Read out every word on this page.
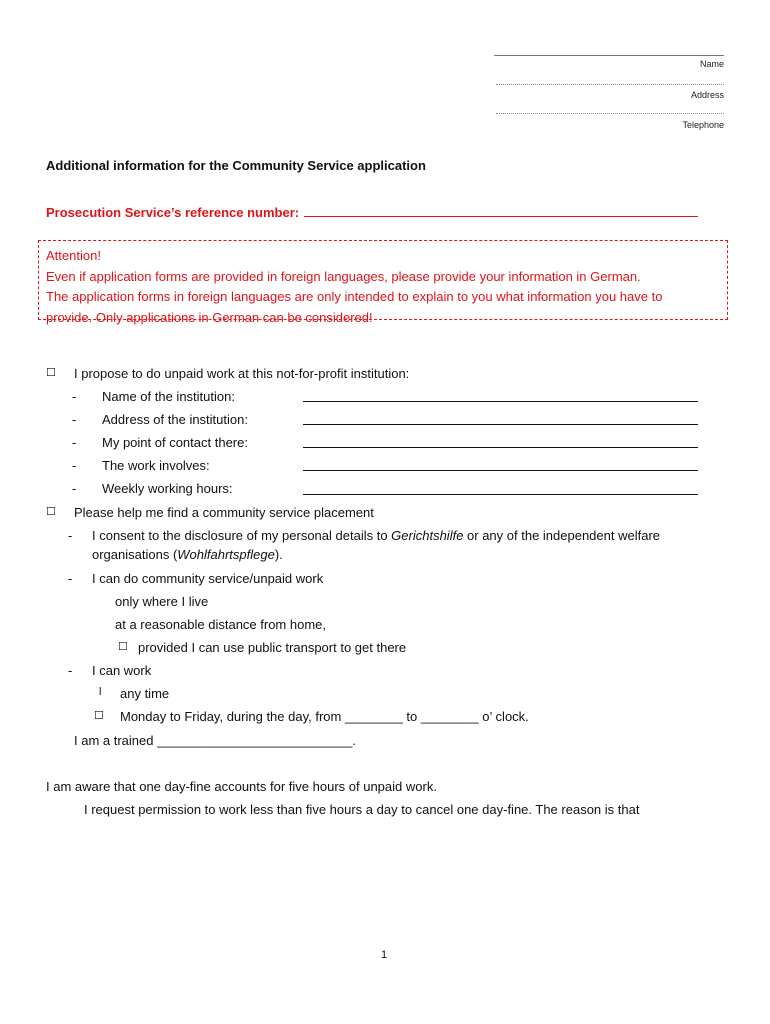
Name
Address
Telephone
Additional information for the Community Service application
Prosecution Service’s reference number:
Attention!
Even if application forms are provided in foreign languages, please provide your information in German.
The application forms in foreign languages are only intended to explain to you what information you have to
provide. Only applications in German can be considered!
☐ I propose to do unpaid work at this not-for-profit institution:
- Name of the institution:
- Address of the institution:
- My point of contact there:
- The work involves:
- Weekly working hours:
☐ Please help me find a community service placement
- I consent to the disclosure of my personal details to Gerichtshilfe or any of the independent welfare
organisations (Wohlfahrtspflege).
- I can do community service/unpaid work
only where I live
at a reasonable distance from home,
☐ provided I can use public transport to get there
- I can work
l any time
☐ Monday to Friday, during the day, from ________ to ________ o’ clock.
I am a trained ___________________________.
I am aware that one day-fine accounts for five hours of unpaid work.
I request permission to work less than five hours a day to cancel one day-fine. The reason is that
1
